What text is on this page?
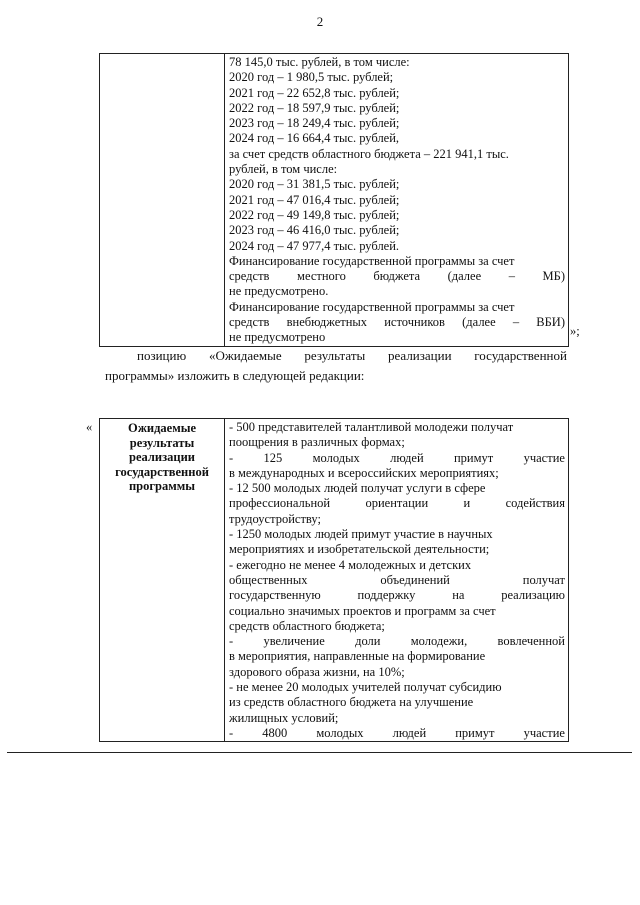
2

78 145,0 тыс. рублей, в том числе:
2020 год – 1 980,5 тыс. рублей;
2021 год – 22 652,8 тыс. рублей;
2022 год – 18 597,9 тыс. рублей;
2023 год – 18 249,4 тыс. рублей;
2024 год – 16 664,4 тыс. рублей,
за счет средств областного бюджета – 221 941,1 тыс.
рублей, в том числе:
2020 год – 31 381,5 тыс. рублей;
2021 год – 47 016,4 тыс. рублей;
2022 год – 49 149,8 тыс. рублей;
2023 год – 46 416,0 тыс. рублей;
2024 год – 47 977,4 тыс. рублей.
Финансирование государственной программы за счет
средств местного бюджета (далее – МБ)
не предусмотрено.
Финансирование государственной программы за счет
средств внебюджетных источников (далее – ВБИ)
не предусмотрено	»;
позицию «Ожидаемые результаты реализации государственной
программы» изложить в следующей редакции:
«	Ожидаемые
результаты
реализации
государственной
программы

- 500 представителей талантливой молодежи получат
поощрения в различных формах;
- 125 молодых людей примут участие
в международных и всероссийских мероприятиях;
- 12 500 молодых людей получат услуги в сфере
профессиональной	ориентации	и	содействия
трудоустройству;
- 1250 молодых людей примут участие в научных
мероприятиях и изобретательской деятельности;
- ежегодно не менее 4 молодежных и детских
общественных	объединений	получат
государственную	поддержку	на	реализацию
социально значимых проектов и программ за счет
средств областного бюджета;
- увеличение доли молодежи, вовлеченной
в мероприятия, направленные на формирование
здорового образа жизни, на 10%;
- не менее 20 молодых учителей получат субсидию
из средств областного бюджета на улучшение
жилищных условий;
- 4800 молодых людей примут участие
